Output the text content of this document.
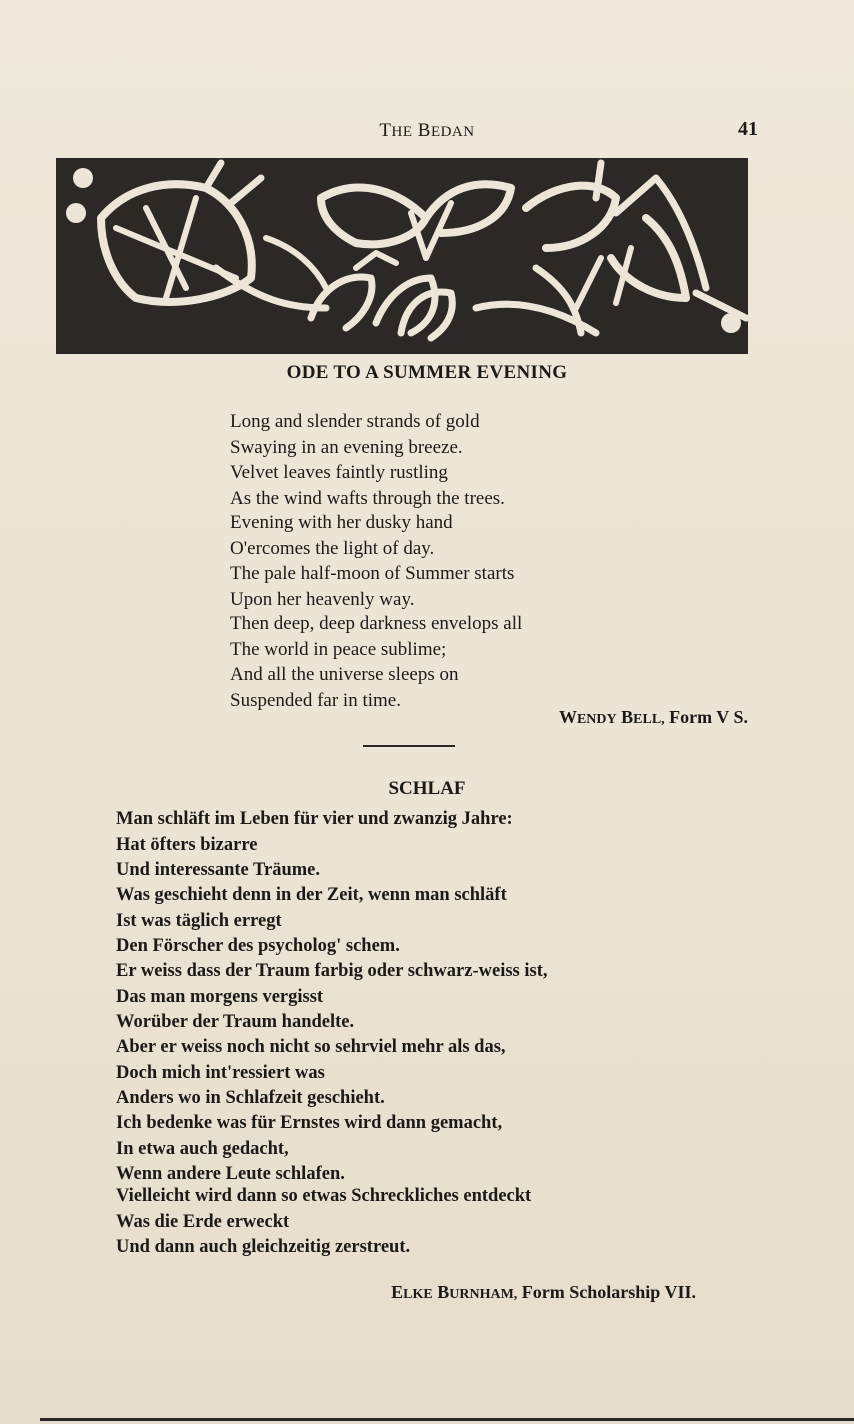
THE BEDAN	41
ODE TO A SUMMER EVENING
Long and slender strands of gold
Swaying in an evening breeze.
Velvet leaves faintly rustling
As the wind wafts through the trees.
Evening with her dusky hand
O'ercomes the light of day.
The pale half-moon of Summer starts
Upon her heavenly way.
Then deep, deep darkness envelops all
The world in peace sublime;
And all the universe sleeps on
Suspended far in time.
WENDY BELL, Form V S.
SCHLAF
Man schläft im Leben für vier und zwanzig Jahre:
Hat öfters bizarre
Und interessante Träume.
Was geschieht denn in der Zeit, wenn man schläft
Ist was täglich erregt
Den Förscher des psycholog' schem.
Er weiss dass der Traum farbig oder schwarz-weiss ist,
Das man morgens vergisst
Worüber der Traum handelte.
Aber er weiss noch nicht so sehrviel mehr als das,
Doch mich int'ressiert was
Anders wo in Schlafzeit geschieht.
Ich bedenke was für Ernstes wird dann gemacht,
In etwa auch gedacht,
Wenn andere Leute schlafen.
Vielleicht wird dann so etwas Schreckliches entdeckt
Was die Erde erweckt
Und dann auch gleichzeitig zerstreut.
ELKE BURNHAM, Form Scholarship VII.
